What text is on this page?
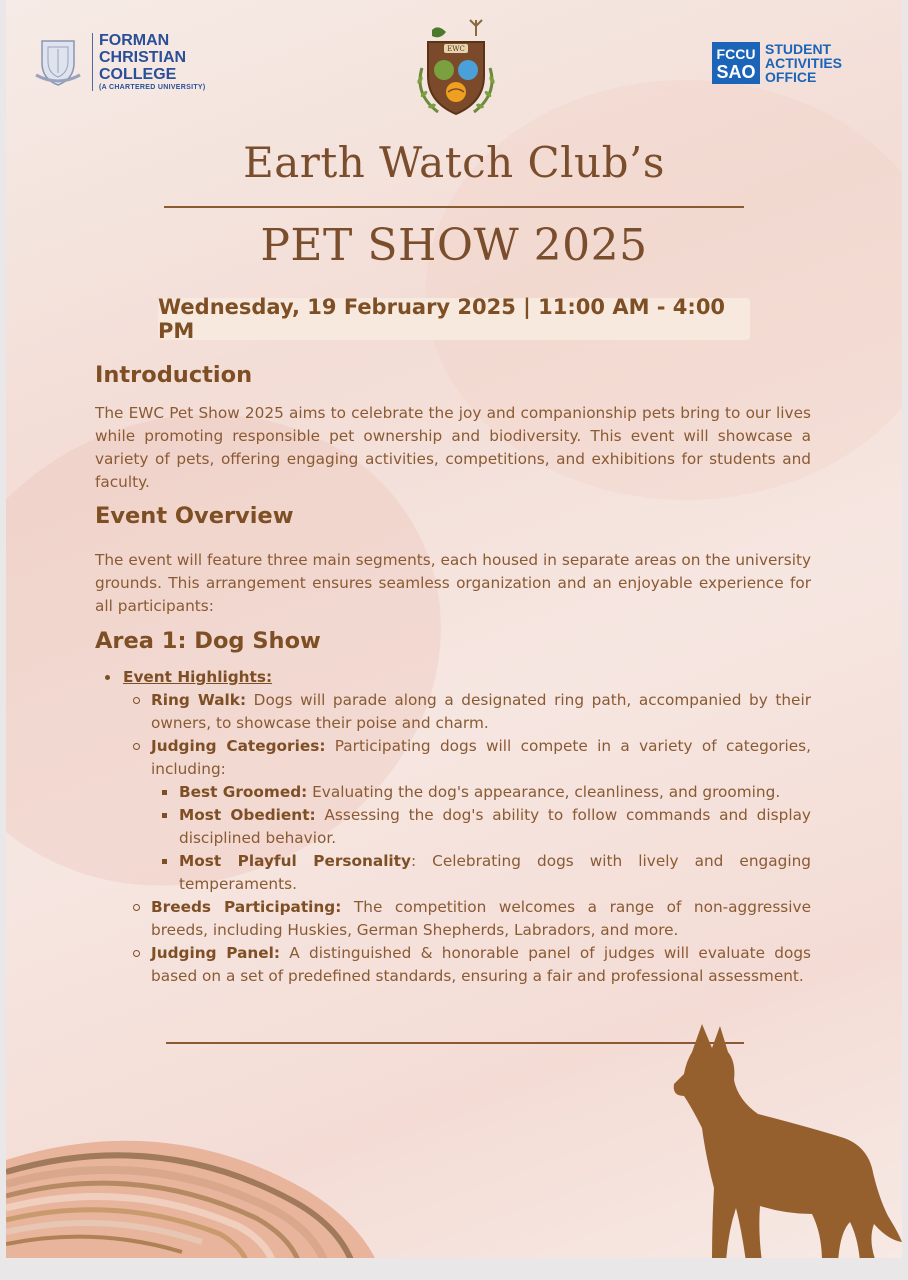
FORMAN
CHRISTIAN
COLLEGE
(A CHARTERED UNIVERSITY)
EWC	FCCU
SAO
STUDENT
ACTIVITIES
OFFICE
Earth Watch Club’s
PET SHOW 2025
Wednesday, 19 February 2025 | 11:00 AM - 4:00 PM
Introduction

The EWC Pet Show 2025 aims to celebrate the joy and companionship pets bring to our lives while promoting responsible pet ownership and biodiversity. This event will showcase a variety of pets, offering engaging activities, competitions, and exhibitions for students and faculty.

Event Overview

The event will feature three main segments, each housed in separate areas on the university grounds. This arrangement ensures seamless organization and an enjoyable experience for all participants:

Area 1: Dog Show
Event Highlights:
Ring Walk: Dogs will parade along a designated ring path, accompanied by their owners, to showcase their poise and charm.
Judging Categories: Participating dogs will compete in a variety of categories, including:
Best Groomed: Evaluating the dog's appearance, cleanliness, and grooming.
Most Obedient: Assessing the dog's ability to follow commands and display disciplined behavior.
Most Playful Personality: Celebrating dogs with lively and engaging temperaments.
Breeds Participating: The competition welcomes a range of non-aggressive breeds, including Huskies, German Shepherds, Labradors, and more.
Judging Panel: A distinguished & honorable panel of judges will evaluate dogs based on a set of predefined standards, ensuring a fair and professional assessment.
